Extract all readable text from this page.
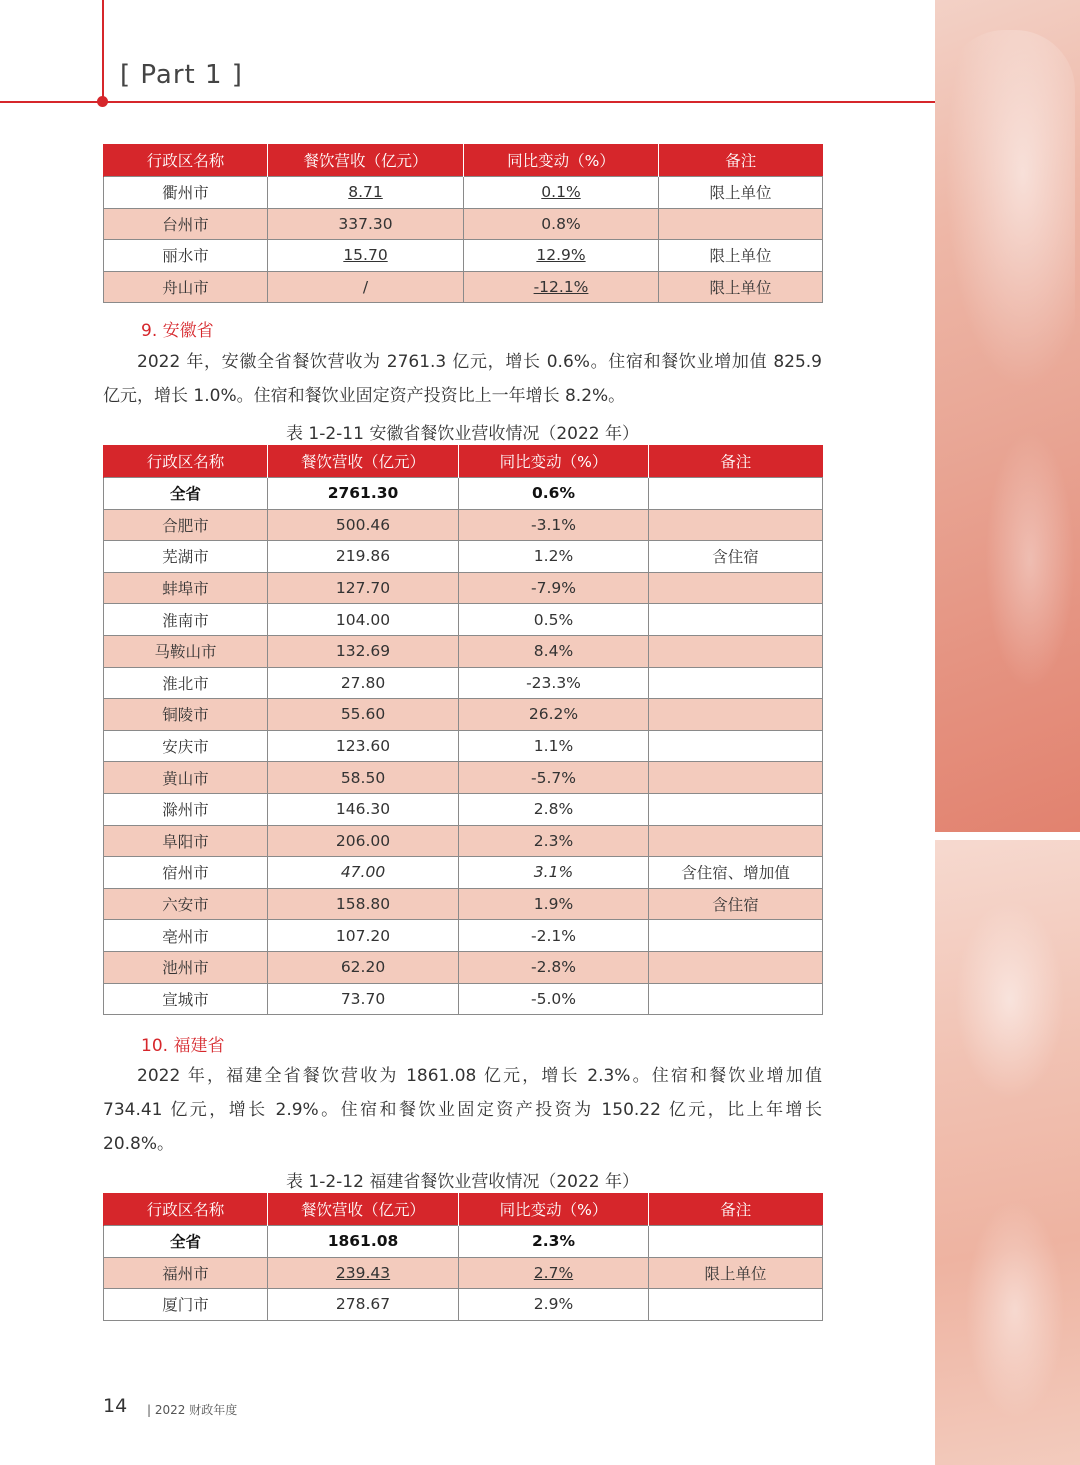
[ Part 1 ]
行政区名称	餐饮营收（亿元）	同比变动（%）	备注
衢州市	8.71	0.1%	限上单位
台州市	337.30	0.8%	
丽水市	15.70	12.9%	限上单位
舟山市	/	-12.1%	限上单位
9. 安徽省

2022 年，安徽全省餐饮营收为 2761.3 亿元，增长 0.6%。住宿和餐饮业增加值 825.9 亿元，增长 1.0%。住宿和餐饮业固定资产投资比上一年增长 8.2%。

表 1-2-11 安徽省餐饮业营收情况（2022 年）
行政区名称	餐饮营收（亿元）	同比变动（%）	备注
全省	2761.30	0.6%	
合肥市	500.46	-3.1%	
芜湖市	219.86	1.2%	含住宿
蚌埠市	127.70	-7.9%	
淮南市	104.00	0.5%	
马鞍山市	132.69	8.4%	
淮北市	27.80	-23.3%	
铜陵市	55.60	26.2%	
安庆市	123.60	1.1%	
黄山市	58.50	-5.7%	
滁州市	146.30	2.8%	
阜阳市	206.00	2.3%	
宿州市	47.00	3.1%	含住宿、增加值
六安市	158.80	1.9%	含住宿
亳州市	107.20	-2.1%	
池州市	62.20	-2.8%	
宣城市	73.70	-5.0%	
10. 福建省

2022 年，福建全省餐饮营收为 1861.08 亿元，增长 2.3%。住宿和餐饮业增加值 734.41 亿元，增长 2.9%。住宿和餐饮业固定资产投资为 150.22 亿元，比上年增长 20.8%。

表 1-2-12 福建省餐饮业营收情况（2022 年）
行政区名称	餐饮营收（亿元）	同比变动（%）	备注
全省	1861.08	2.3%	
福州市	239.43	2.7%	限上单位
厦门市	278.67	2.9%	
14 | 2022 财政年度
